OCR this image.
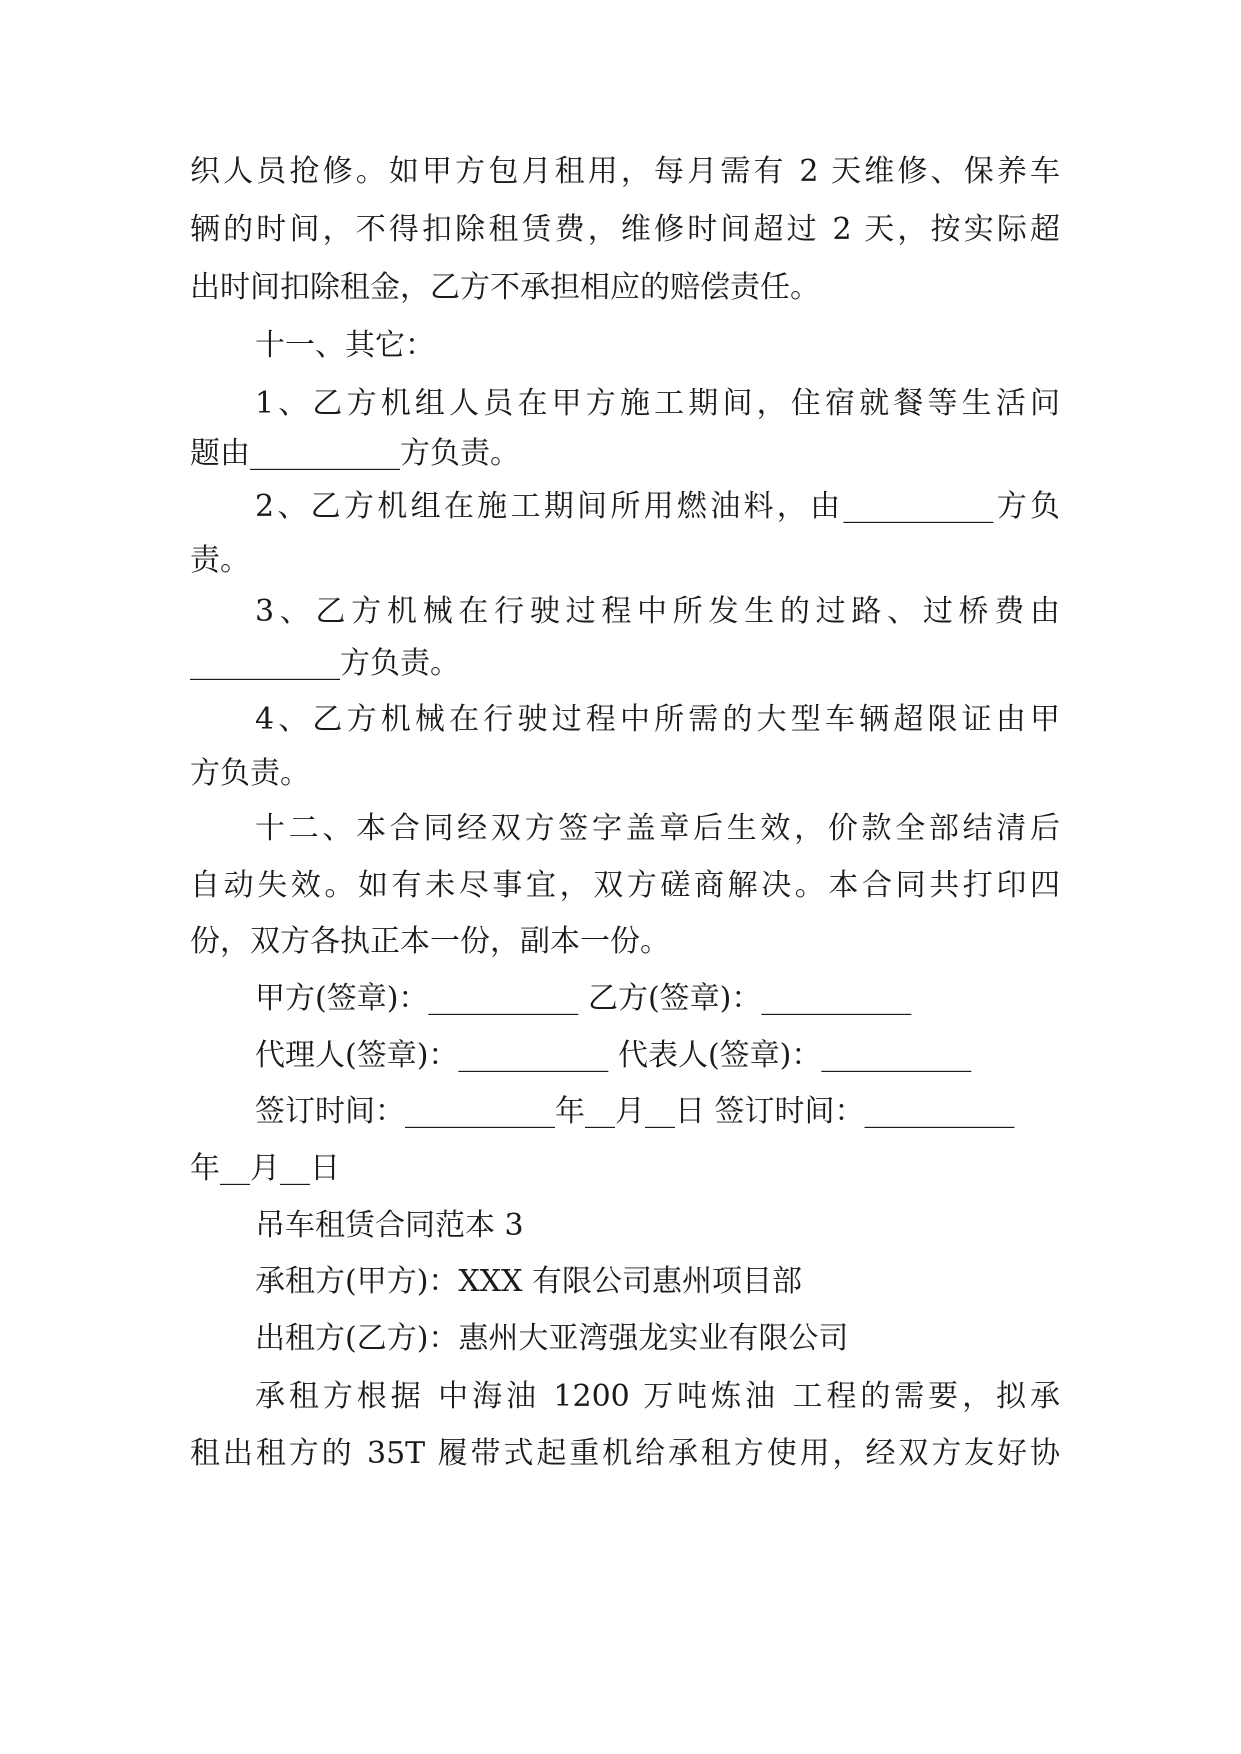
织人员抢修。如甲方包月租用，每月需有 2 天维修、保养车
辆的时间，不得扣除租赁费，维修时间超过 2 天，按实际超
出时间扣除租金，乙方不承担相应的赔偿责任。
十一、其它：
1、乙方机组人员在甲方施工期间，住宿就餐等生活问
题由__________方负责。
2、乙方机组在施工期间所用燃油料，由__________方负
责。
3、乙方机械在行驶过程中所发生的过路、过桥费由
__________方负责。
4、乙方机械在行驶过程中所需的大型车辆超限证由甲
方负责。
十二、本合同经双方签字盖章后生效，价款全部结清后
自动失效。如有未尽事宜，双方磋商解决。本合同共打印四
份，双方各执正本一份，副本一份。
甲方(签章)：__________ 乙方(签章)：__________
代理人(签章)：__________ 代表人(签章)：__________
签订时间：__________年__月__日 签订时间：__________
年__月__日
吊车租赁合同范本 3
承租方(甲方)：XXX 有限公司惠州项目部
出租方(乙方)：惠州大亚湾强龙实业有限公司
承租方根据 中海油 1200 万吨炼油 工程的需要，拟承
租出租方的 35T 履带式起重机给承租方使用，经双方友好协
